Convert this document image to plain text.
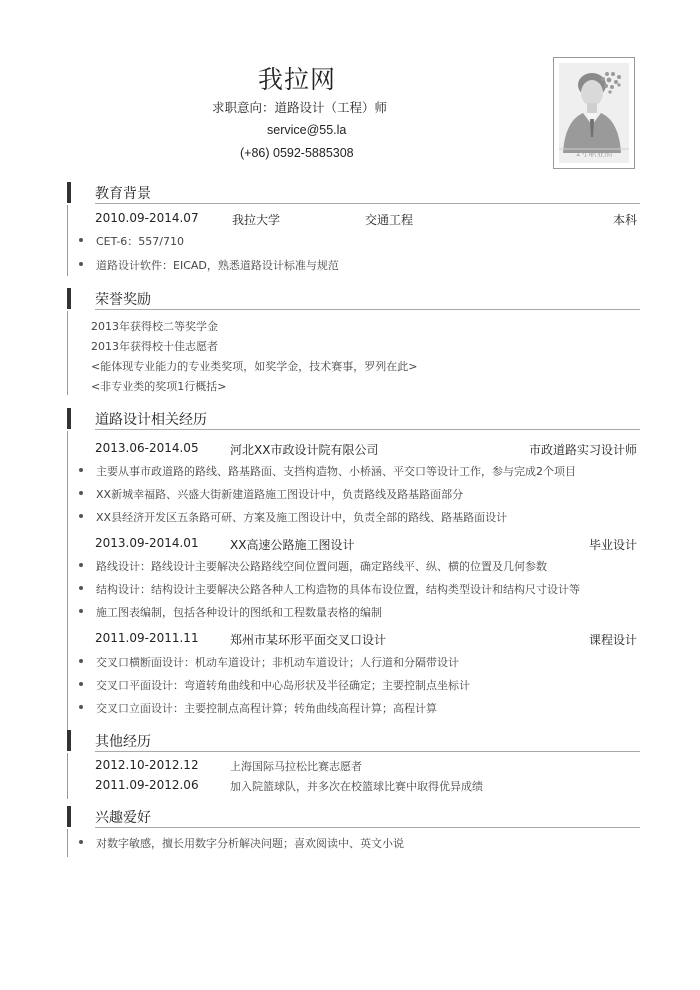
我拉网
求职意向：道路设计（工程）师
service@55.la
(+86) 0592-5885308	1寸职业照
教育背景
2010.09-2014.07	我拉大学	交通工程	本科
CET-6：557/710
道路设计软件：EICAD，熟悉道路设计标准与规范
荣誉奖励
2013年获得校二等奖学金
2013年获得校十佳志愿者
<能体现专业能力的专业类奖项，如奖学金，技术赛事，罗列在此>
<非专业类的奖项1行概括>
道路设计相关经历
2013.06-2014.05	河北XX市政设计院有限公司	市政道路实习设计师
主要从事市政道路的路线、路基路面、支挡构造物、小桥涵、平交口等设计工作，参与完成2个项目
XX新城幸福路、兴盛大街新建道路施工图设计中，负责路线及路基路面部分
XX县经济开发区五条路可研、方案及施工图设计中，负责全部的路线、路基路面设计
2013.09-2014.01	XX高速公路施工图设计	毕业设计
路线设计：路线设计主要解决公路路线空间位置问题，确定路线平、纵、横的位置及几何参数
结构设计：结构设计主要解决公路各种人工构造物的具体布设位置，结构类型设计和结构尺寸设计等
施工图表编制，包括各种设计的图纸和工程数量表格的编制
2011.09-2011.11	郑州市某环形平面交叉口设计	课程设计
交叉口横断面设计：机动车道设计；非机动车道设计；人行道和分隔带设计
交叉口平面设计：弯道转角曲线和中心岛形状及半径确定；主要控制点坐标计
交叉口立面设计：主要控制点高程计算；转角曲线高程计算；高程计算
其他经历
2012.10-2012.12	上海国际马拉松比赛志愿者
2011.09-2012.06	加入院篮球队，并多次在校篮球比赛中取得优异成绩
兴趣爱好
对数字敏感，擅长用数字分析解决问题；喜欢阅读中、英文小说
